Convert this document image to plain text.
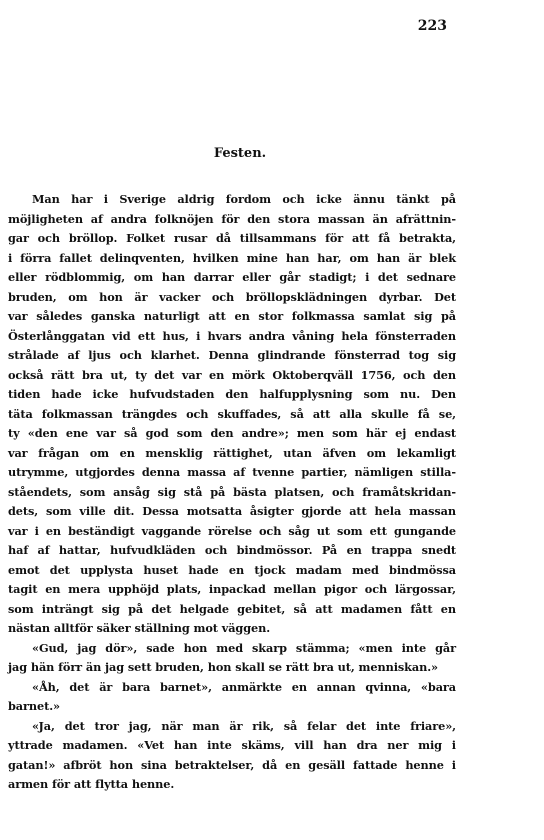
223
Festen.
Man har i Sverige aldrig fordom och icke ännu tänkt på
möjligheten af andra folknöjen för den stora massan än afrättnin-
gar och bröllop. Folket rusar då tillsammans för att få betrakta,
i förra fallet delinqventen, hvilken mine han har, om han är blek
eller rödblommig, om han darrar eller går stadigt; i det sednare
bruden, om hon är vacker och bröllopsklädningen dyrbar. Det
var således ganska naturligt att en stor folkmassa samlat sig på
Österlånggatan vid ett hus, i hvars andra våning hela fönsterraden
strålade af ljus och klarhet. Denna glindrande fönsterrad tog sig
också rätt bra ut, ty det var en mörk Oktoberqväll 1756, och den
tiden hade icke hufvudstaden den halfupplysning som nu. Den
täta folkmassan trängdes och skuffades, så att alla skulle få se,
ty «den ene var så god som den andre»; men som här ej endast
var frågan om en mensklig rättighet, utan äfven om lekamligt
utrymme, utgjordes denna massa af tvenne partier, nämligen stilla-
ståendets, som ansåg sig stå på bästa platsen, och framåtskridan-
dets, som ville dit. Dessa motsatta åsigter gjorde att hela massan
var i en beständigt vaggande rörelse och såg ut som ett gungande
haf af hattar, hufvudkläden och bindmössor. På en trappa snedt
emot det upplysta huset hade en tjock madam med bindmössa
tagit en mera upphöjd plats, inpackad mellan pigor och lärgossar,
som inträngt sig på det helgade gebitet, så att madamen fått en
nästan alltför säker ställning mot väggen.
«Gud, jag dör», sade hon med skarp stämma; «men inte går
jag hän förr än jag sett bruden, hon skall se rätt bra ut, menniskan.»
«Åh, det är bara barnet», anmärkte en annan qvinna, «bara
barnet.»
«Ja, det tror jag, när man är rik, så felar det inte friare»,
yttrade madamen. «Vet han inte skäms, vill han dra ner mig i
gatan!» afbröt hon sina betraktelser, då en gesäll fattade henne i
armen för att flytta henne.
